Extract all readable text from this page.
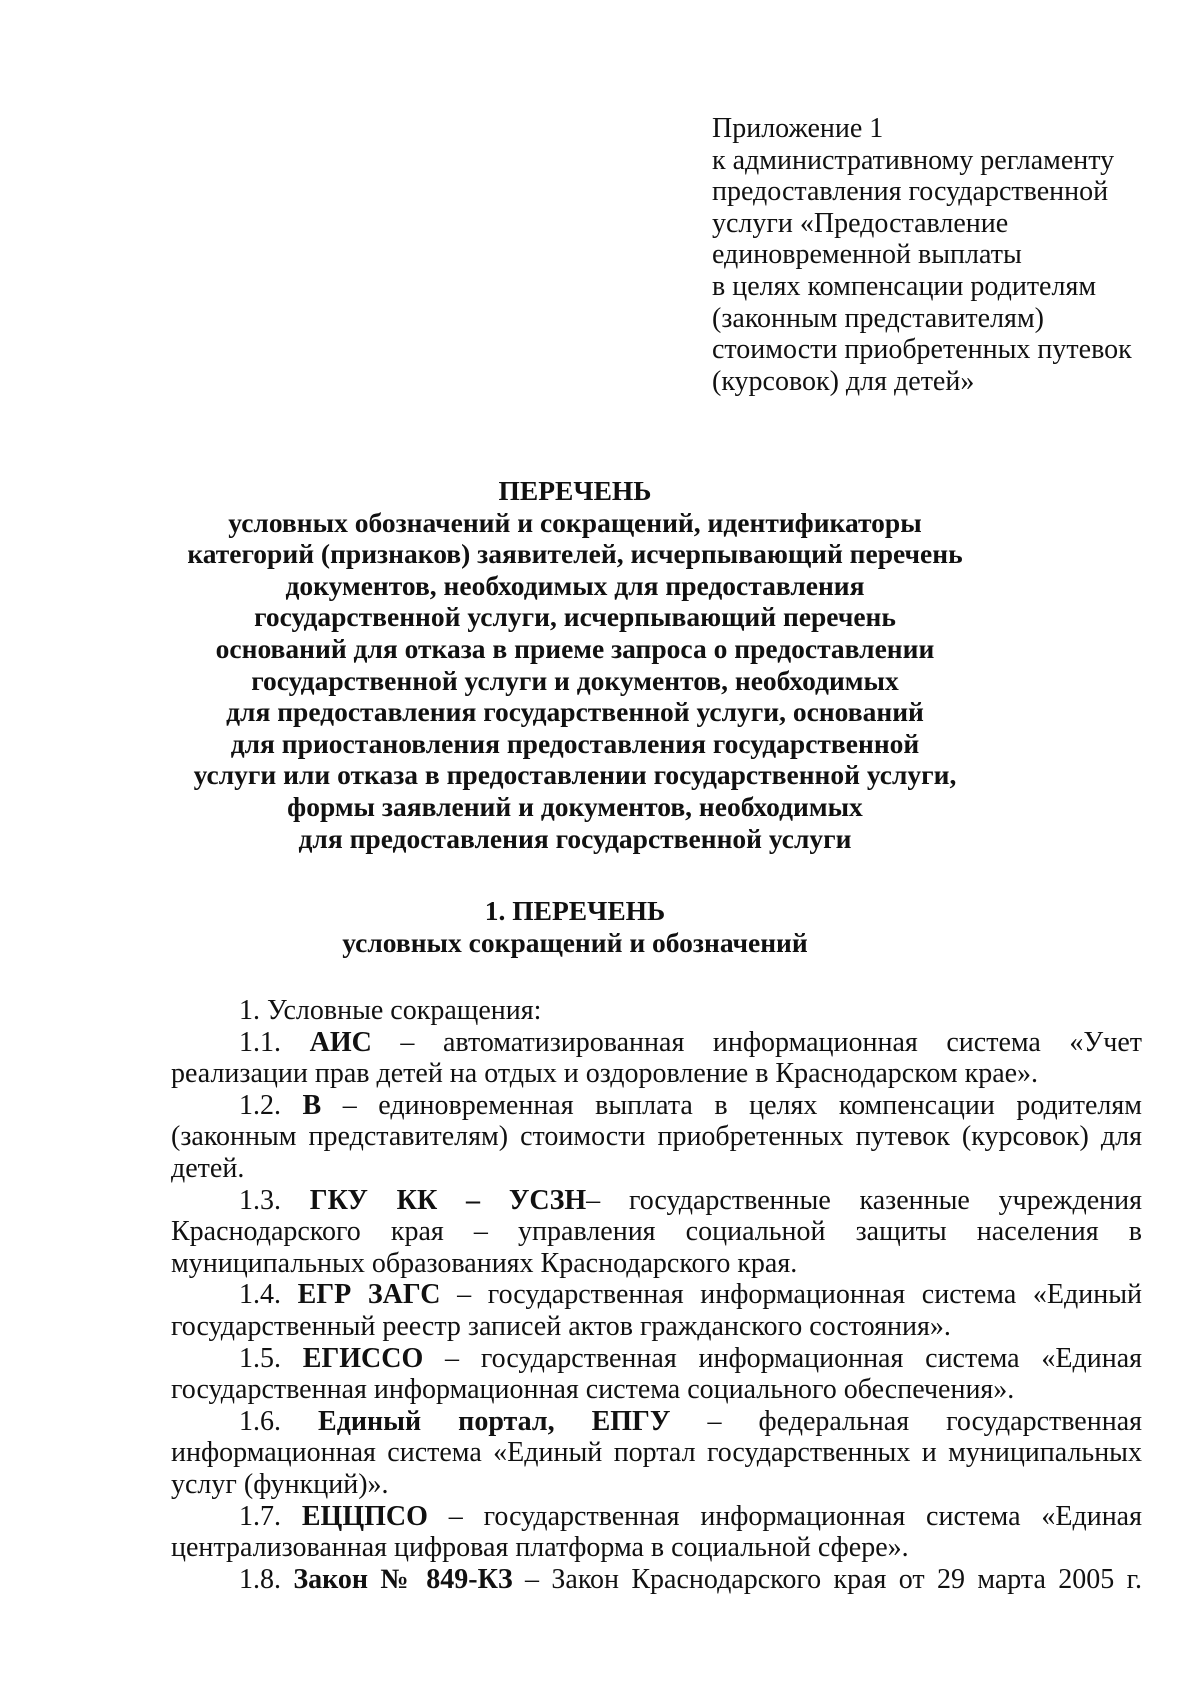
Приложение 1
к административному регламенту
предоставления государственной
услуги «Предоставление
единовременной выплаты
в целях компенсации родителям
(законным представителям)
стоимости приобретенных путевок
(курсовок) для детей»
ПЕРЕЧЕНЬ
условных обозначений и сокращений, идентификаторы
категорий (признаков) заявителей, исчерпывающий перечень
документов, необходимых для предоставления
государственной услуги, исчерпывающий перечень
оснований для отказа в приеме запроса о предоставлении
государственной услуги и документов, необходимых
для предоставления государственной услуги, оснований
для приостановления предоставления государственной
услуги или отказа в предоставлении государственной услуги,
формы заявлений и документов, необходимых
для предоставления государственной услуги
1. ПЕРЕЧЕНЬ
условных сокращений и обозначений

1. Условные сокращения:

1.1. АИС – автоматизированная информационная система «Учет реализации прав детей на отдых и оздоровление в Краснодарском крае».

1.2. В – единовременная выплата в целях компенсации родителям (законным представителям) стоимости приобретенных путевок (курсовок) для детей.

1.3. ГКУ КК – УСЗН– государственные казенные учреждения Краснодарского края – управления социальной защиты населения в муниципальных образованиях Краснодарского края.

1.4. ЕГР ЗАГС – государственная информационная система «Единый государственный реестр записей актов гражданского состояния».

1.5. ЕГИССО – государственная информационная система «Единая государственная информационная система социального обеспечения».

1.6. Единый портал, ЕПГУ – федеральная государственная информационная система «Единый портал государственных и муниципальных услуг (функций)».

1.7. ЕЦЦПСО – государственная информационная система «Единая централизованная цифровая платформа в социальной сфере».

1.8. Закон № 849-КЗ – Закон Краснодарского края от 29 марта 2005 г.
